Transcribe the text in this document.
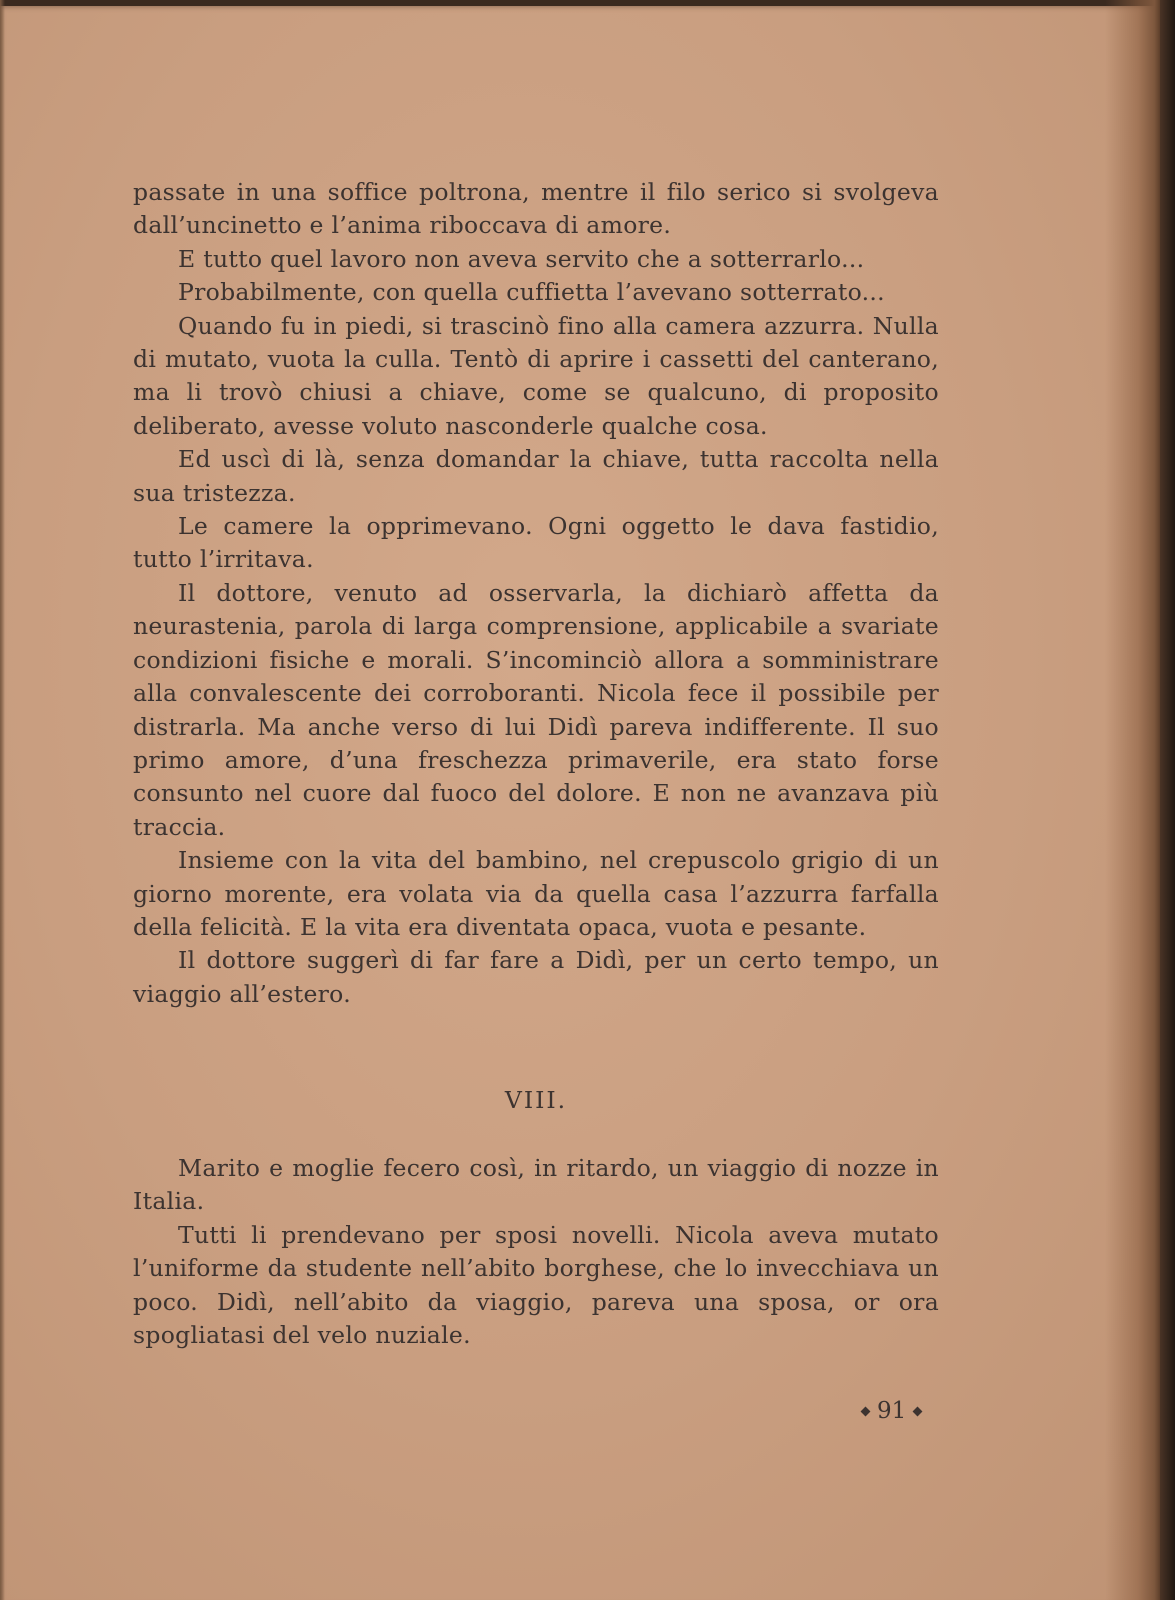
passate in una soffice poltrona, mentre il filo serico si svolgeva dall’uncinetto e l’anima riboccava di amore.

E tutto quel lavoro non aveva servito che a sotterrarlo...

Probabilmente, con quella cuffietta l’avevano sotterrato...

Quando fu in piedi, si trascinò fino alla camera azzurra. Nulla di mutato, vuota la culla. Tentò di aprire i cassetti del canterano, ma li trovò chiusi a chiave, come se qualcuno, di proposito deliberato, avesse voluto nasconderle qualche cosa.

Ed uscì di là, senza domandar la chiave, tutta raccolta nella sua tristezza.

Le camere la opprimevano. Ogni oggetto le dava fastidio, tutto l’irritava.

Il dottore, venuto ad osservarla, la dichiarò affetta da neurastenia, parola di larga comprensione, applicabile a svariate condizioni fisiche e morali. S’incominciò allora a somministrare alla convalescente dei corroboranti. Nicola fece il possibile per distrarla. Ma anche verso di lui Didì pareva indifferente. Il suo primo amore, d’una freschezza primaverile, era stato forse consunto nel cuore dal fuoco del dolore. E non ne avanzava più traccia.

Insieme con la vita del bambino, nel crepuscolo grigio di un giorno morente, era volata via da quella casa l’azzurra farfalla della felicità. E la vita era diventata opaca, vuota e pesante.

Il dottore suggerì di far fare a Didì, per un certo tempo, un viaggio all’estero.

VIII.

Marito e moglie fecero così, in ritardo, un viaggio di nozze in Italia.

Tutti li prendevano per sposi novelli. Nicola aveva mutato l’uniforme da studente nell’abito borghese, che lo invecchiava un poco. Didì, nell’abito da viaggio, pareva una sposa, or ora spogliatasi del velo nuziale.

91
